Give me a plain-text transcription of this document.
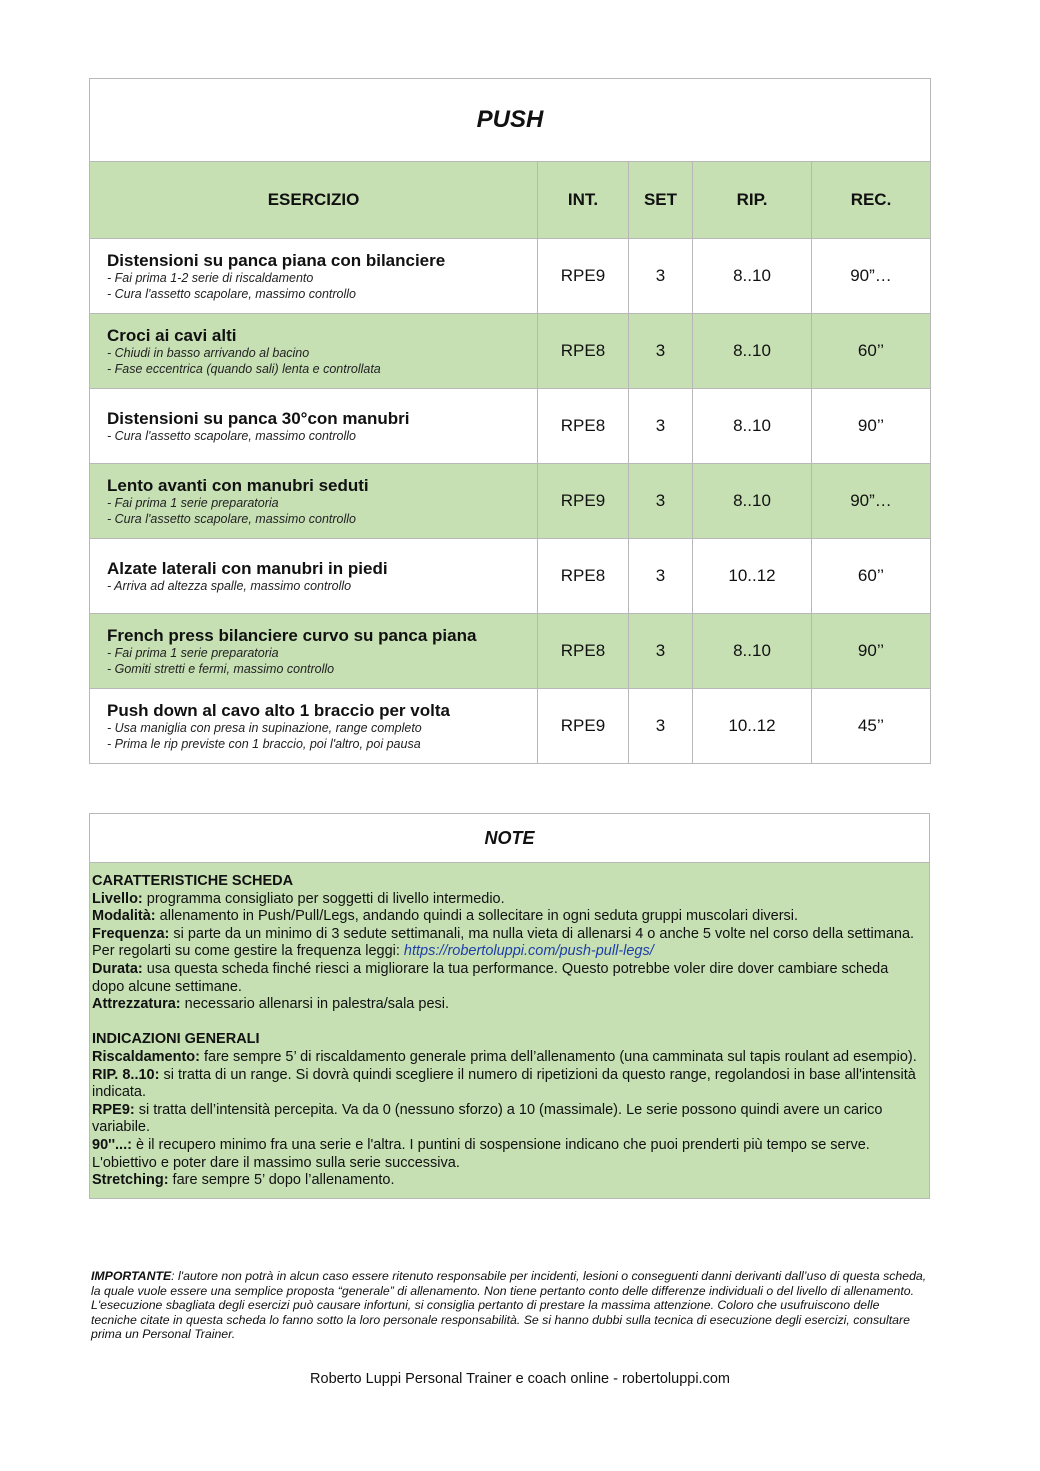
PUSH				
ESERCIZIO	INT.	SET	RIP.	REC.

Distensioni su panca piana con bilanciere
- Fai prima 1-2 serie di riscaldamento
- Cura l'assetto scapolare, massimo controllo	RPE9	3	8..10	90”…

Croci ai cavi alti
- Chiudi in basso arrivando al bacino
- Fase eccentrica (quando sali) lenta e controllata	RPE8	3	8..10	60’’

Distensioni su panca 30°con manubri
- Cura l'assetto scapolare, massimo controllo	RPE8	3	8..10	90’’

Lento avanti con manubri seduti
- Fai prima 1 serie preparatoria
- Cura l'assetto scapolare, massimo controllo	RPE9	3	8..10	90”…

Alzate laterali con manubri in piedi
- Arriva ad altezza spalle, massimo controllo	RPE8	3	10..12	60’’

French press bilanciere curvo su panca piana
- Fai prima 1 serie preparatoria
- Gomiti stretti e fermi, massimo controllo	RPE8	3	8..10	90’’

Push down al cavo alto 1 braccio per volta
- Usa maniglia con presa in supinazione, range completo
- Prima le rip previste con 1 braccio, poi l'altro, poi pausa	RPE9	3	10..12	45’’
NOTE
CARATTERISTICHE SCHEDA

Livello: programma consigliato per soggetti di livello intermedio.

Modalità: allenamento in Push/Pull/Legs, andando quindi a sollecitare in ogni seduta gruppi muscolari diversi.

Frequenza: si parte da un minimo di 3 sedute settimanali, ma nulla vieta di allenarsi 4 o anche 5 volte nel corso della settimana. Per regolarti su come gestire la frequenza leggi: https://robertoluppi.com/push-pull-legs/

Durata: usa questa scheda finché riesci a migliorare la tua performance. Questo potrebbe voler dire dover cambiare scheda dopo alcune settimane.

Attrezzatura: necessario allenarsi in palestra/sala pesi.

INDICAZIONI GENERALI

Riscaldamento: fare sempre 5’ di riscaldamento generale prima dell’allenamento (una camminata sul tapis roulant ad esempio).

RIP. 8..10: si tratta di un range. Si dovrà quindi scegliere il numero di ripetizioni da questo range, regolandosi in base all'intensità indicata.

RPE9: si tratta dell’intensità percepita. Va da 0 (nessuno sforzo) a 10 (massimale). Le serie possono quindi avere un carico variabile.

90''...: è il recupero minimo fra una serie e l'altra. I puntini di sospensione indicano che puoi prenderti più tempo se serve. L'obiettivo e poter dare il massimo sulla serie successiva.

Stretching: fare sempre 5’ dopo l’allenamento.

IMPORTANTE: l'autore non potrà in alcun caso essere ritenuto responsabile per incidenti, lesioni o conseguenti danni derivanti dall’uso di questa scheda, la quale vuole essere una semplice proposta “generale” di allenamento. Non tiene pertanto conto delle differenze individuali o del livello di allenamento. L'esecuzione sbagliata degli esercizi può causare infortuni, si consiglia pertanto di prestare la massima attenzione. Coloro che usufruiscono delle tecniche citate in questa scheda lo fanno sotto la loro personale responsabilità. Se si hanno dubbi sulla tecnica di esecuzione degli esercizi, consultare prima un Personal Trainer.
Roberto Luppi Personal Trainer e coach online - robertoluppi.com
